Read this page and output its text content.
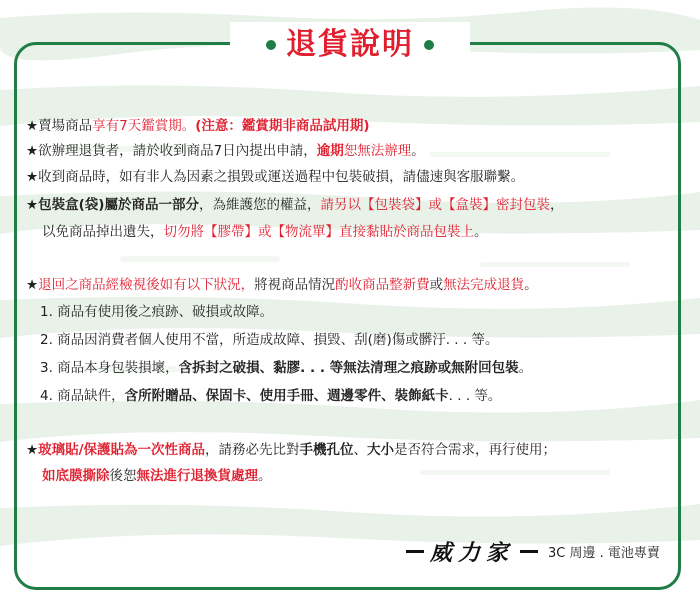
退貨說明
★賣場商品享有7天鑑賞期。(注意：鑑賞期非商品試用期)
★欲辦理退貨者，請於收到商品7日內提出申請，逾期恕無法辦理。
★收到商品時，如有非人為因素之損毀或運送過程中包裝破損，請儘速與客服聯繫。
★包裝盒(袋)屬於商品一部分，為維護您的權益，請另以【包裝袋】或【盒裝】密封包裝，
以免商品掉出遺失，切勿將【膠帶】或【物流單】直接黏貼於商品包裝上。
★退回之商品經檢視後如有以下狀況，將視商品情況酌收商品整新費或無法完成退貨。
1. 商品有使用後之痕跡、破損或故障。
2. 商品因消費者個人使用不當，所造成故障、損毀、刮(磨)傷或髒汙. . . 等。
3. 商品本身包裝損壞，含拆封之破損、黏膠. . . 等無法清理之痕跡或無附回包裝。
4. 商品缺件，含所附贈品、保固卡、使用手冊、週邊零件、裝飾紙卡. . . 等。
★玻璃貼/保護貼為一次性商品，請務必先比對手機孔位、大小是否符合需求，再行使用；
如底膜撕除後恕無法進行退換貨處理。
威力家	3C 周邊 . 電池專賣
